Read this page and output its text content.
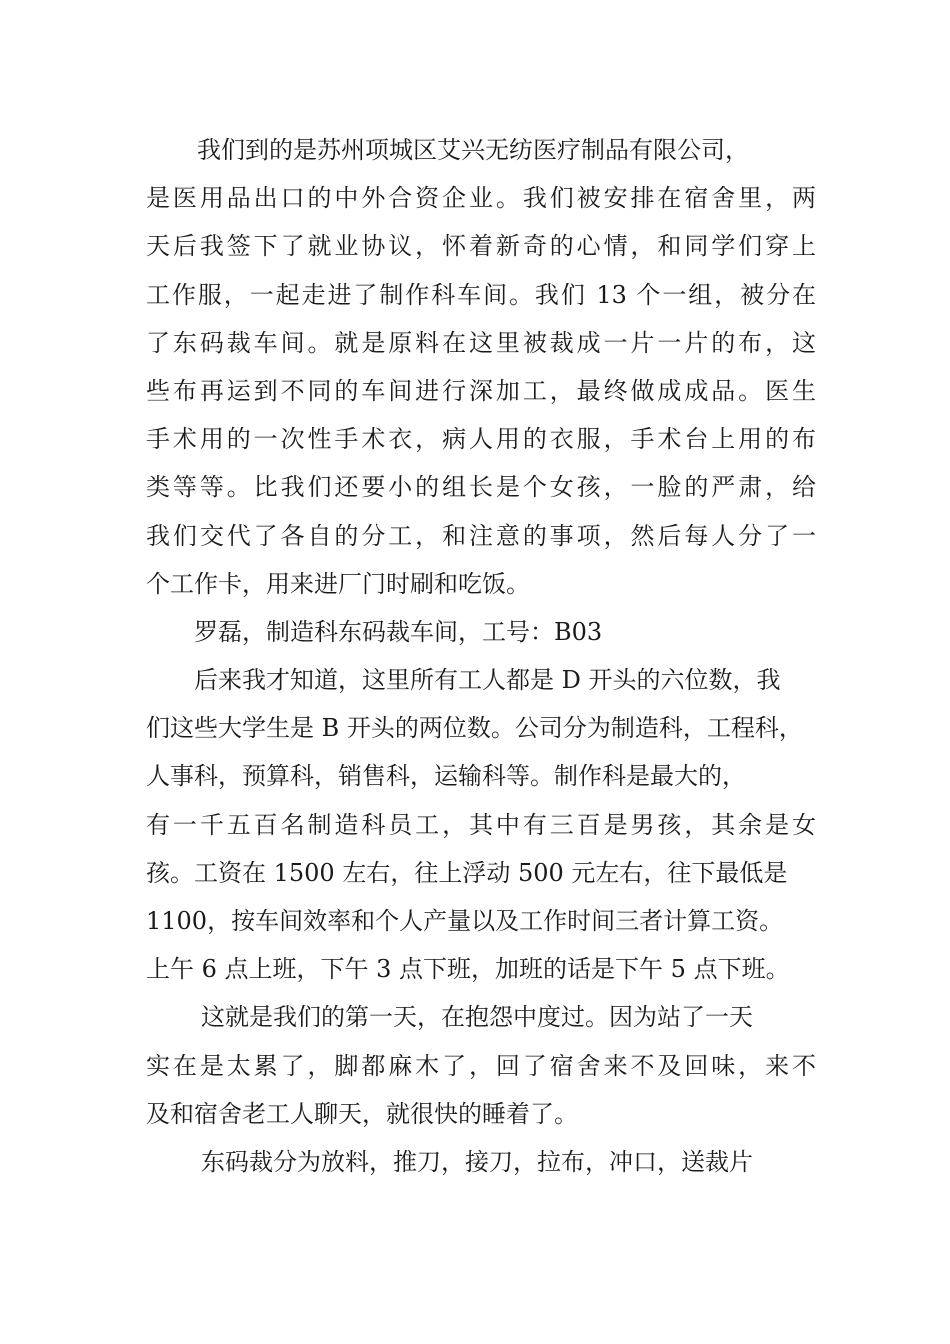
我们到的是苏州项城区艾兴无纺医疗制品有限公司，
是医用品出口的中外合资企业。我们被安排在宿舍里，两
天后我签下了就业协议，怀着新奇的心情，和同学们穿上
工作服，一起走进了制作科车间。我们 13 个一组，被分在
了东码裁车间。就是原料在这里被裁成一片一片的布，这
些布再运到不同的车间进行深加工，最终做成成品。医生
手术用的一次性手术衣，病人用的衣服，手术台上用的布
类等等。比我们还要小的组长是个女孩，一脸的严肃，给
我们交代了各自的分工，和注意的事项，然后每人分了一
个工作卡，用来进厂门时刷和吃饭。
罗磊，制造科东码裁车间，工号：B03
后来我才知道，这里所有工人都是 D 开头的六位数，我
们这些大学生是 B 开头的两位数。公司分为制造科，工程科，
人事科，预算科，销售科，运输科等。制作科是最大的，
有一千五百名制造科员工，其中有三百是男孩，其余是女
孩。工资在 1500 左右，往上浮动 500 元左右，往下最低是
1100，按车间效率和个人产量以及工作时间三者计算工资。
上午 6 点上班，下午 3 点下班，加班的话是下午 5 点下班。
这就是我们的第一天，在抱怨中度过。因为站了一天
实在是太累了，脚都麻木了，回了宿舍来不及回味，来不
及和宿舍老工人聊天，就很快的睡着了。
东码裁分为放料，推刀，接刀，拉布，冲口，送裁片
